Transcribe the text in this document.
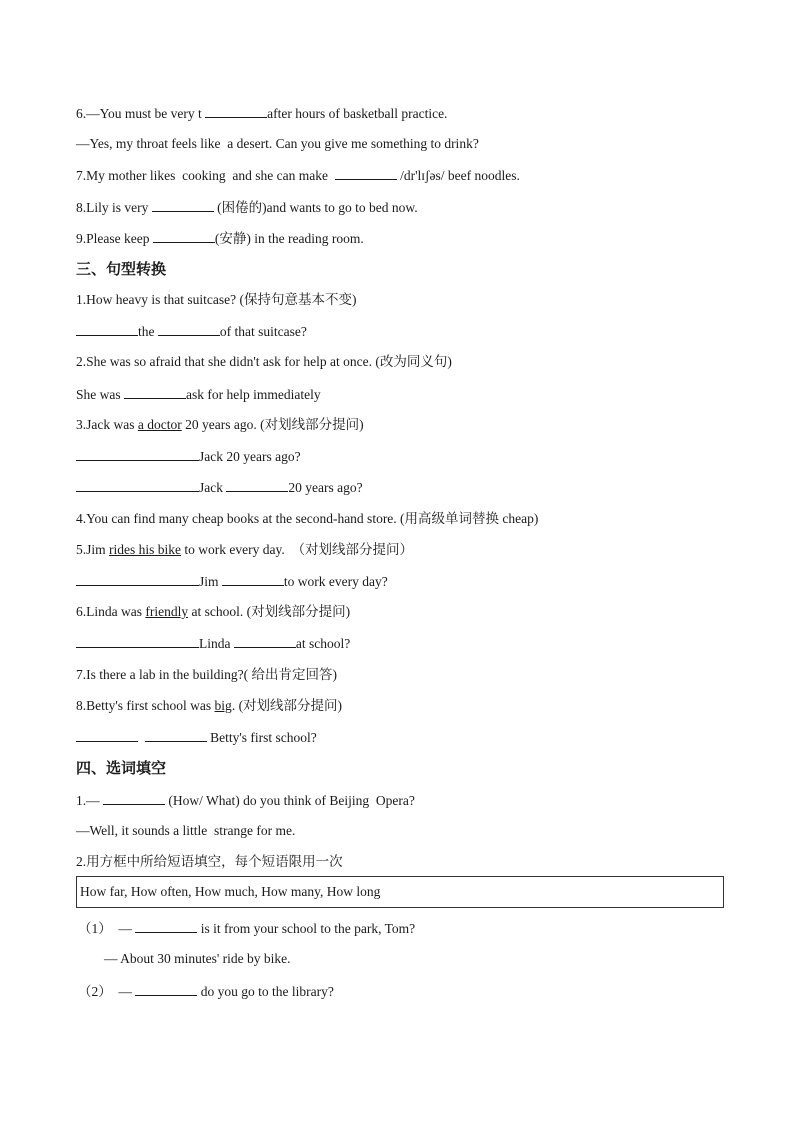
6.—You must be very t	after hours of basketball practice.
—Yes, my throat feels like  a desert. Can you give me something to drink?
7.My mother likes  cooking  and she can make	/dr'lɪʃəs/ beef noodles.
8.Lily is very	(困倦的)and wants to go to bed now.
9.Please keep	(安静) in the reading room.
三、句型转换
1.How heavy is that suitcase? (保持句意基本不变)
the	of that suitcase?
2.She was so afraid that she didn't ask for help at once. (改为同义句)
She was	ask for help immediately
3.Jack was a doctor 20 years ago. (对划线部分提问)
Jack 20 years ago?
Jack	20 years ago?
4.You can find many cheap books at the second-hand store. (用高级单词替换 cheap)
5.Jim rides his bike to work every day.  （对划线部分提问）
Jim	to work every day?
6.Linda was friendly at school. (对划线部分提问)
Linda	at school?
7.Is there a lab in the building?( 给出肯定回答)
8.Betty's first school was big. (对划线部分提问)
Betty's first school?
四、选词填空
1.—	(How/ What) do you think of Beijing  Opera?
—Well, it sounds a little  strange for me.
2.用方框中所给短语填空，每个短语限用一次
How far, How often, How much, How many, How long
（1）  —	is it from your school to the park, Tom?
— About 30 minutes' ride by bike.
（2）  —	do you go to the library?
